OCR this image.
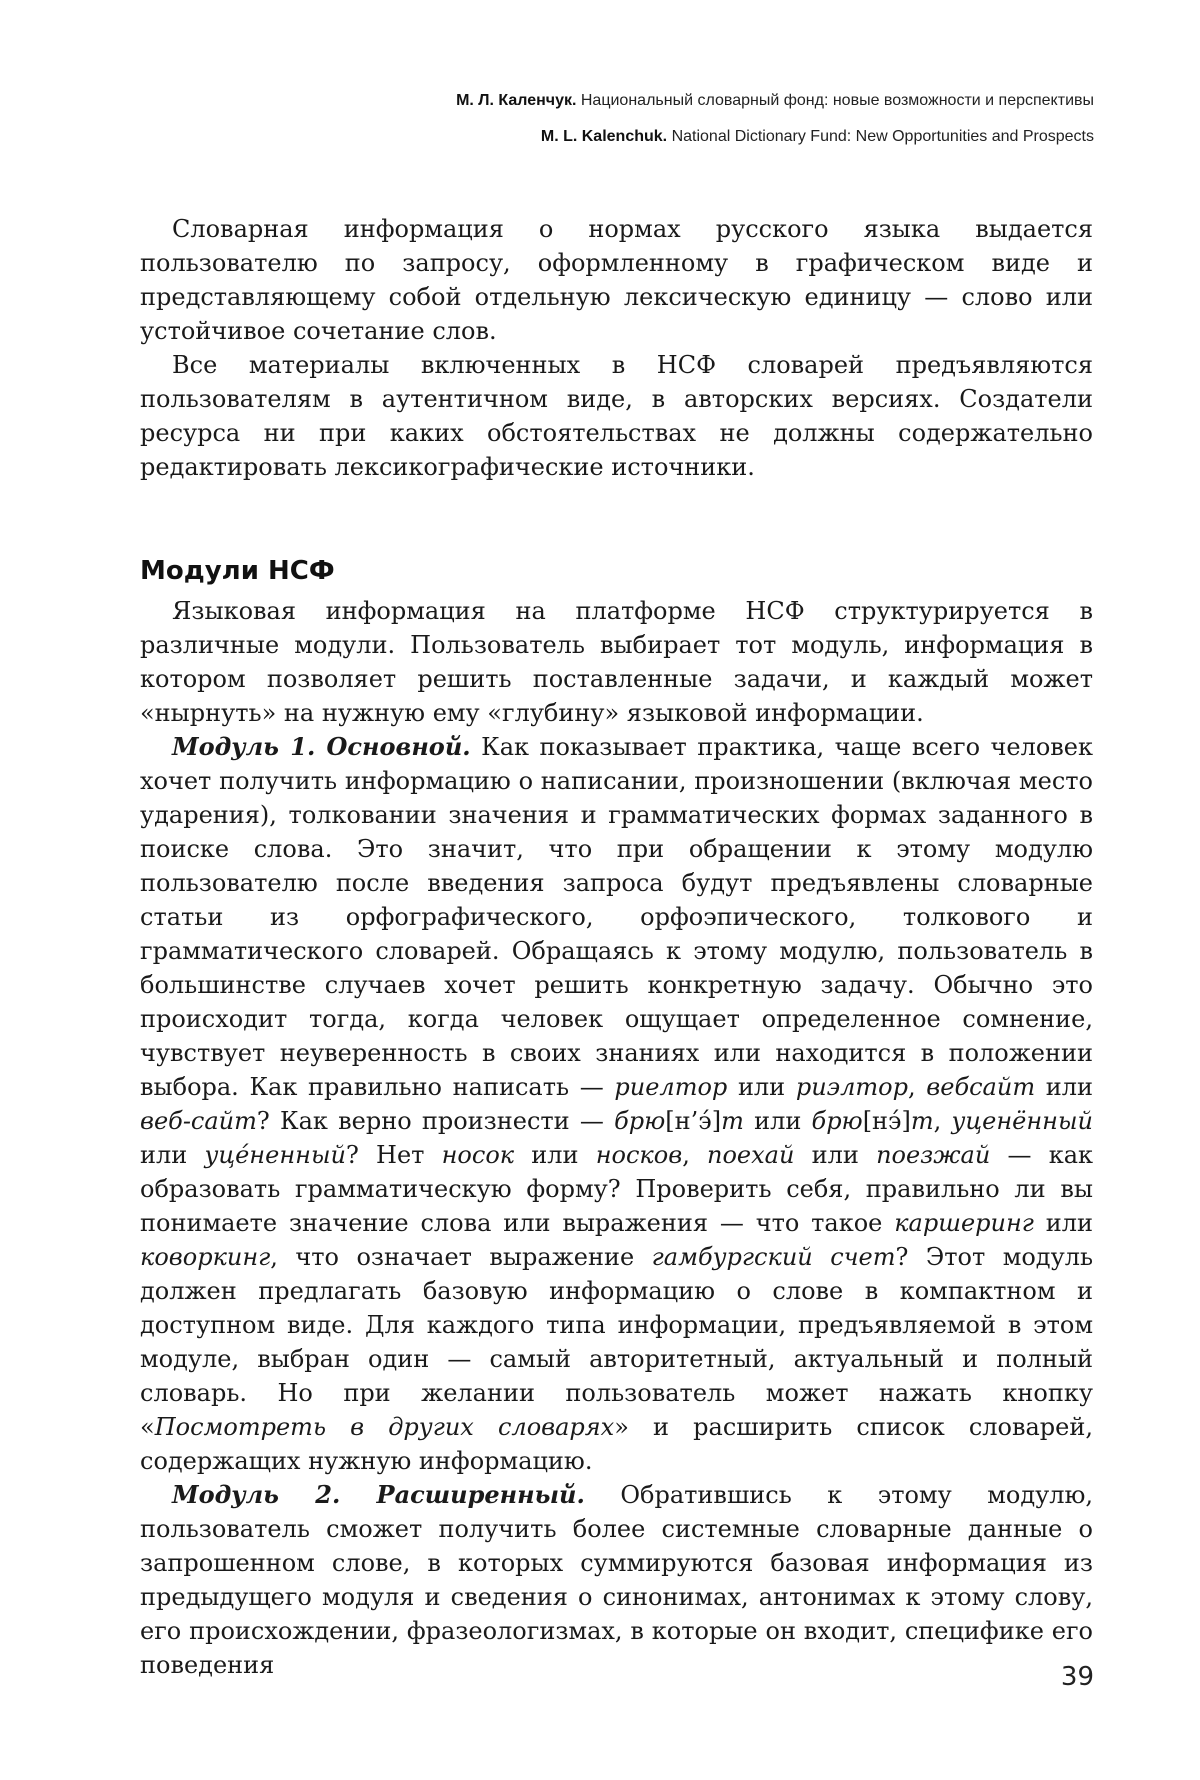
М. Л. Каленчук. Национальный словарный фонд: новые возможности и перспективы
M. L. Kalenchuk. National Dictionary Fund: New Opportunities and Prospects

Словарная информация о нормах русского языка выдается пользователю по запросу, оформленному в графическом виде и представляющему собой отдельную лексическую единицу — слово или устойчивое сочетание слов.

Все материалы включенных в НСФ словарей предъявляются пользователям в аутентичном виде, в авторских версиях. Создатели ресурса ни при каких обстоятельствах не должны содержательно редактировать лексикографические источники.

Модули НСФ

Языковая информация на платформе НСФ структурируется в различные модули. Пользователь выбирает тот модуль, информация в котором позволяет решить поставленные задачи, и каждый может «нырнуть» на нужную ему «глубину» языковой информации.

Модуль 1. Основной. Как показывает практика, чаще всего человек хочет получить информацию о написании, произношении (включая место ударения), толковании значения и грамматических формах заданного в поиске слова. Это значит, что при обращении к этому модулю пользователю после введения запроса будут предъявлены словарные статьи из орфографического, орфоэпического, толкового и грамматического словарей. Обращаясь к этому модулю, пользователь в большинстве случаев хочет решить конкретную задачу. Обычно это происходит тогда, когда человек ощущает определенное сомнение, чувствует неуверенность в своих знаниях или находится в положении выбора. Как правильно написать — риелтор или риэлтор, вебсайт или веб-сайт? Как верно произнести — брю[н’э́]т или брю[нэ́]т, уценённый или уцéненный? Нет носок или носков, поехай или поезжай — как образовать грамматическую форму? Проверить себя, правильно ли вы понимаете значение слова или выражения — что такое каршеринг или коворкинг, что означает выражение гамбургский счет? Этот модуль должен предлагать базовую информацию о слове в компактном и доступном виде. Для каждого типа информации, предъявляемой в этом модуле, выбран один — самый авторитетный, актуальный и полный словарь. Но при желании пользователь может нажать кнопку «Посмотреть в других словарях» и расширить список словарей, содержащих нужную информацию.

Модуль 2. Расширенный. Обратившись к этому модулю, пользователь сможет получить более системные словарные данные о запрошенном слове, в которых суммируются базовая информация из предыдущего модуля и сведения о синонимах, антонимах к этому слову, его происхождении, фразеологизмах, в которые он входит, специфике его поведения	39
